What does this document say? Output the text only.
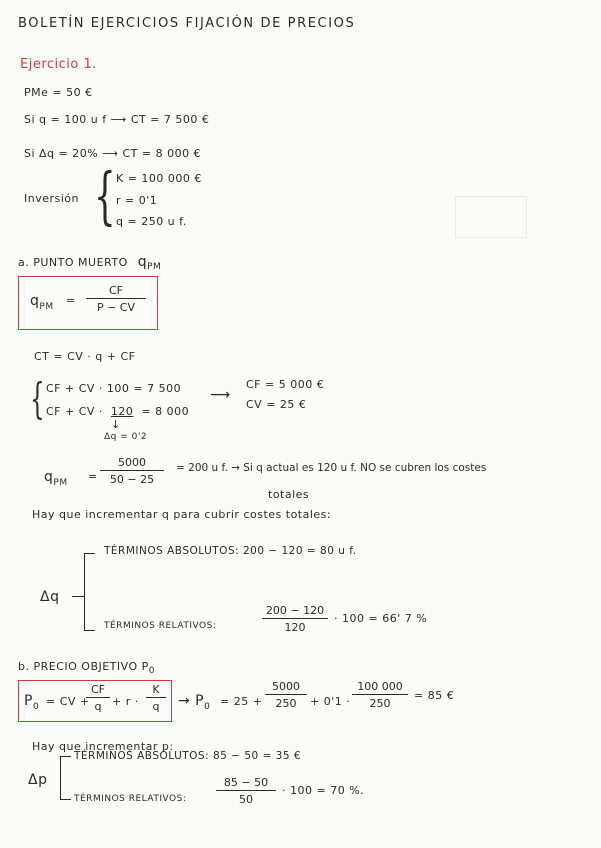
BOLETÍN EJERCICIOS FIJACIÓN DE PRECIOS
Ejercicio 1.
PMe = 50 €
Si q = 100 u f ⟶ CT = 7 500 €
Si Δq = 20% ⟶ CT = 8 000 €
Inversión { K = 100 000 €
r = 0'1
q = 250 u f.
a. PUNTO MUERTO $q_{PM}$
$q_{PM} = \frac{CF}{P - CV}$
CT = CV · q + CF
{ CF + CV · 100 = 7 500
CF + CV · 120 = 8 000
↓
Δq = 0'2
⟶
CF = 5 000 €
CV = 25 €
$q_{PM} = \frac{5000}{50 - 25} = 200$ u f. → Si q actual es 120 u f. NO se cubren los costes
totales
Hay que incrementar q para cubrir costes totales:
Δq
TÉRMINOS ABSOLUTOS: 200 − 120 = 80 u f.
TÉRMINOS RELATIVOS:	$\frac{200 - 120}{120} \cdot 100 = 66'$ 7 %
b. PRECIO OBJETIVO $P_0$
$P_0$ = CV +
$\frac{CF}{q} + r \cdot \frac{K}{q} \to P_0 = 25 + \frac{5000}{250} + 0'1 \cdot \frac{100 000}{250} = 85$ €
Hay que incrementar p:
Δp
TÉRMINOS ABSOLUTOS: 85 − 50 = 35 €
TÉRMINOS RELATIVOS:	$\frac{85 - 50}{50} \cdot 100 = 70$ %.
